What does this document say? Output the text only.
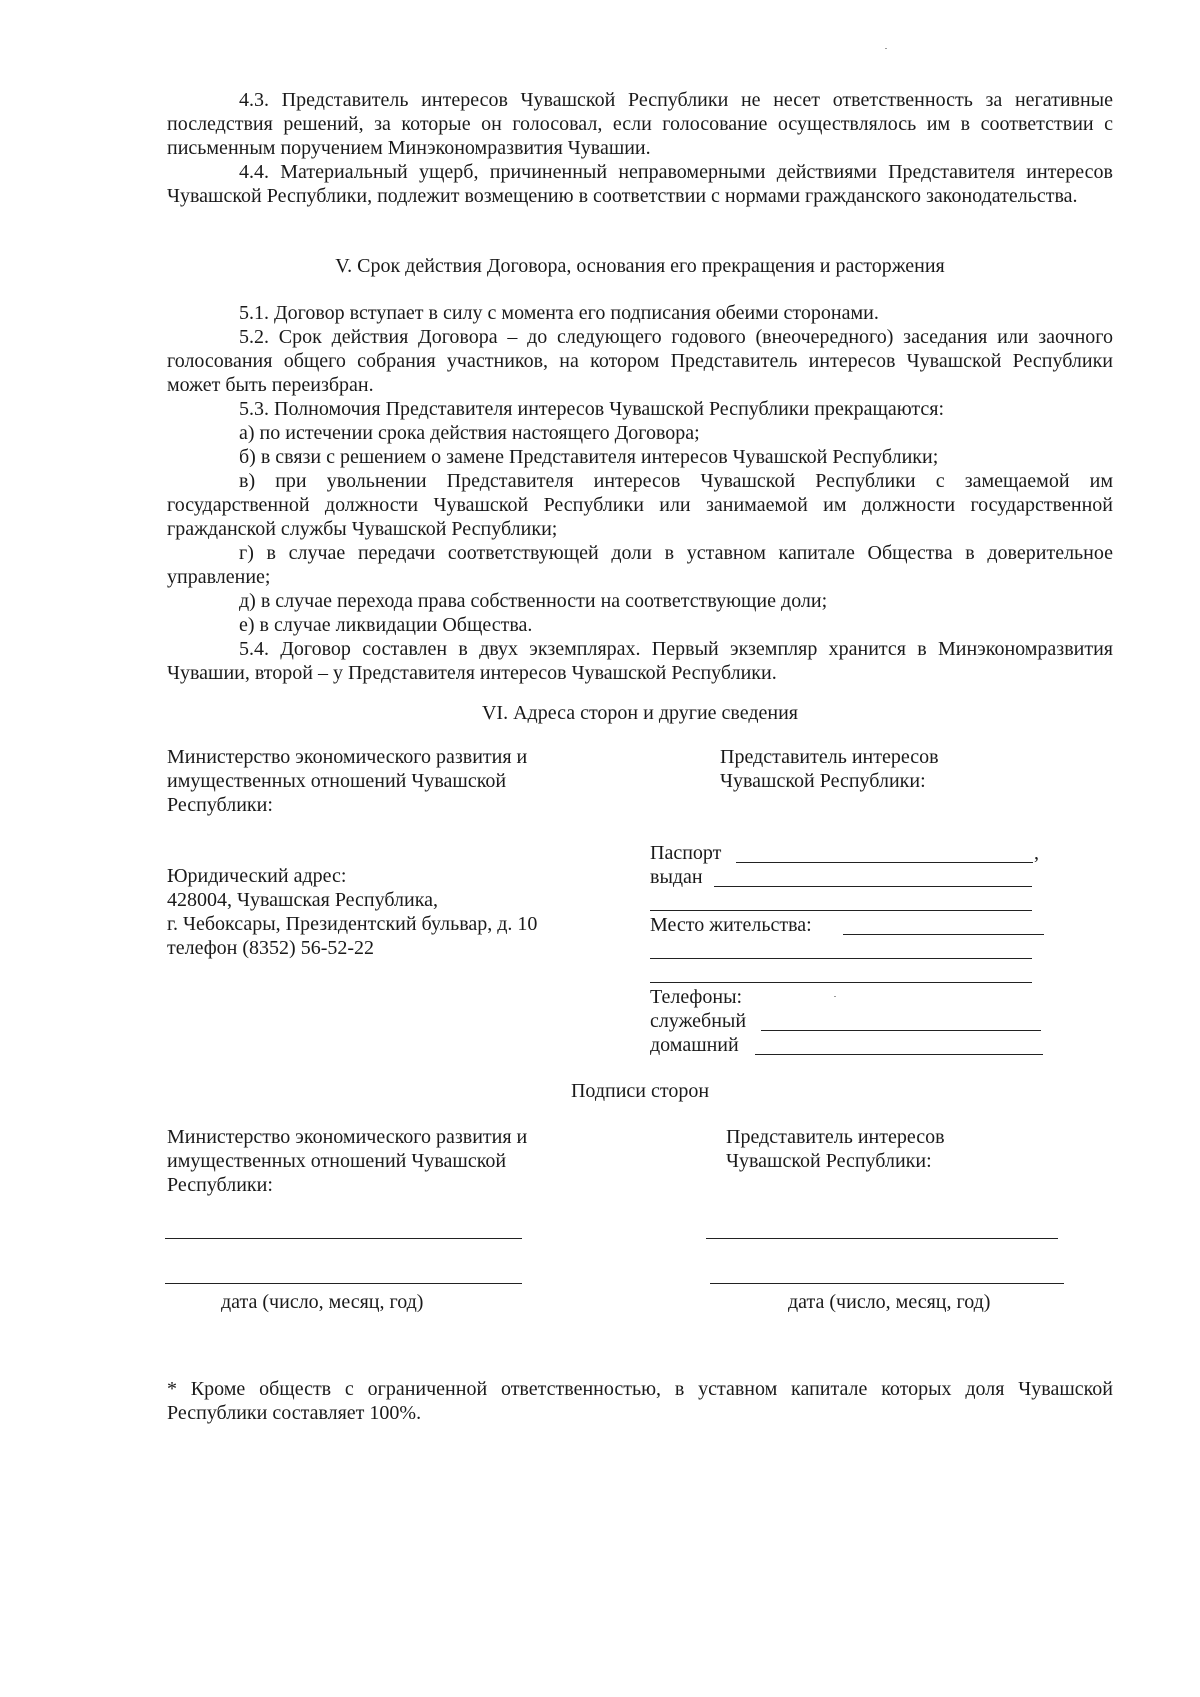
4.3. Представитель интересов Чувашской Республики не несет ответственность за негативные последствия решений, за которые он голосовал, если голосование осуществлялось им в соответствии с письменным поручением Минэкономразвития Чувашии.

4.4. Материальный ущерб, причиненный неправомерными действиями Представителя интересов Чувашской Республики, подлежит возмещению в соответствии с нормами гражданского законодательства.

V. Срок действия Договора, основания его прекращения и расторжения

5.1. Договор вступает в силу с момента его подписания обеими сторонами.

5.2. Срок действия Договора – до следующего годового (внеочередного) заседания или заочного голосования общего собрания участников, на котором Представитель интересов Чувашской Республики может быть переизбран.

5.3. Полномочия Представителя интересов Чувашской Республики прекращаются:

а) по истечении срока действия настоящего Договора;

б) в связи с решением о замене Представителя интересов Чувашской Республики;

в) при увольнении Представителя интересов Чувашской Республики с замещаемой им государственной должности Чувашской Республики или занимаемой им должности государственной гражданской службы Чувашской Республики;

г) в случае передачи соответствующей доли в уставном капитале Общества в доверительное управление;

д) в случае перехода права собственности на соответствующие доли;

е) в случае ликвидации Общества.

5.4. Договор составлен в двух экземплярах. Первый экземпляр хранится в Минэкономразвития Чувашии, второй – у Представителя интересов Чувашской Республики.

VI. Адреса сторон и другие сведения
Министерство экономического развития и
имущественных отношений Чувашской
Республики:
Представитель интересов
Чувашской Республики:
Юридический адрес:
428004, Чувашская Республика,
г. Чебоксары, Президентский бульвар, д. 10
телефон (8352) 56-52-22
Паспорт	,
выдан
Место жительства:
Телефоны:
служебный
домашний
Подписи сторон
Министерство экономического развития и
имущественных отношений Чувашской
Республики:
Представитель интересов
Чувашской Республики:
дата (число, месяц, год)	дата (число, месяц, год)

* Кроме обществ с ограниченной ответственностью, в уставном капитале которых доля Чувашской Республики составляет 100%.
